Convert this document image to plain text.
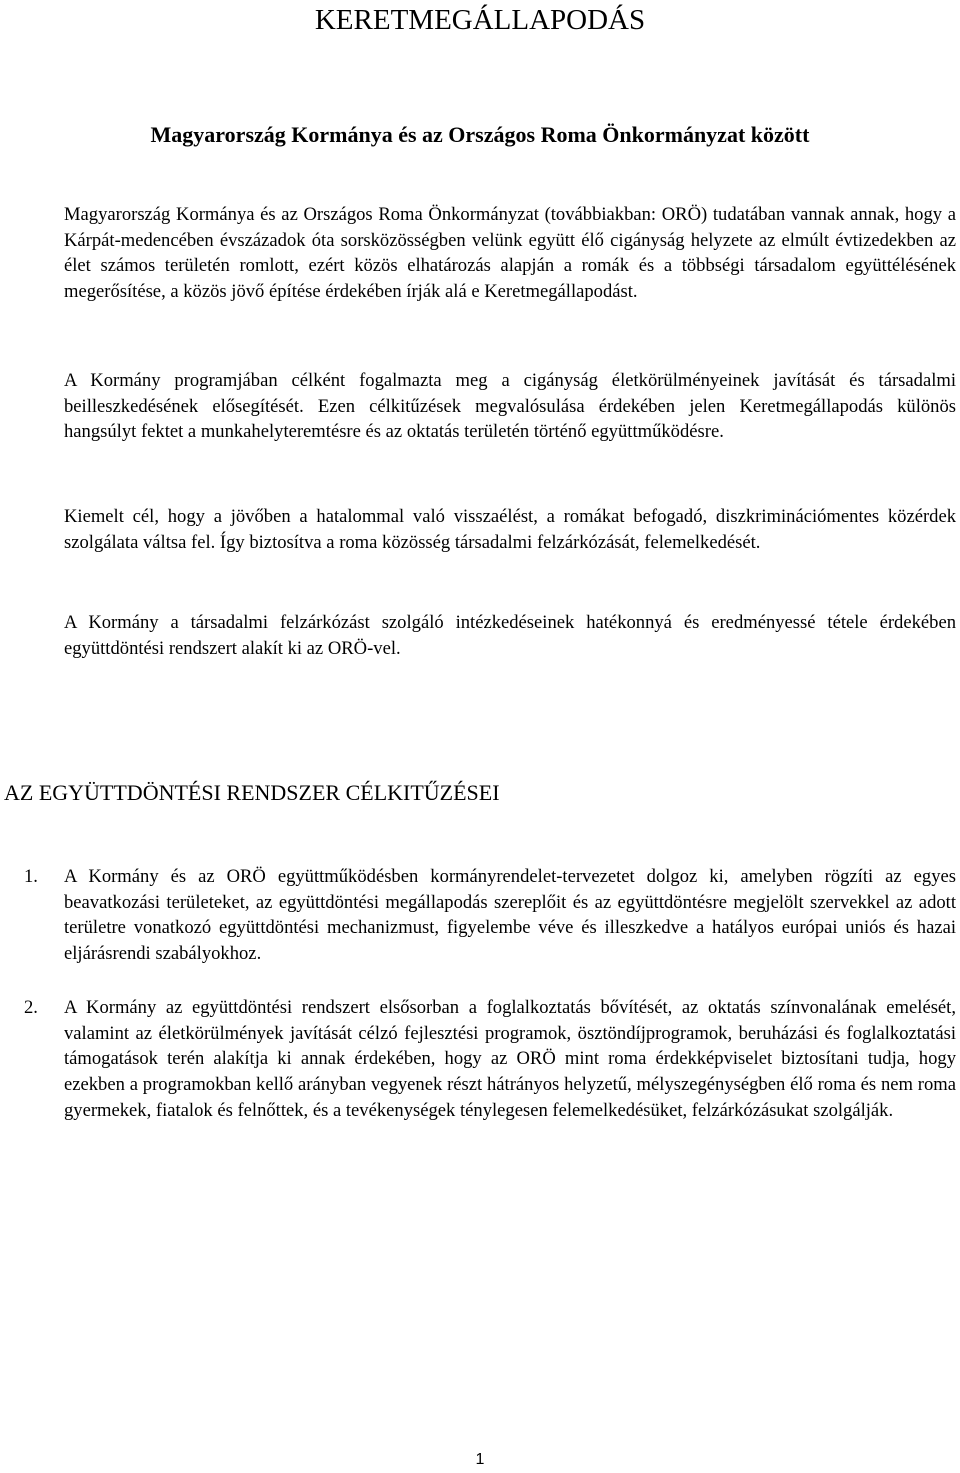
KERETMEGÁLLAPODÁS
Magyarország Kormánya és az Országos Roma Önkormányzat között

Magyarország Kormánya és az Országos Roma Önkormányzat (továbbiakban: ORÖ) tudatában vannak annak, hogy a Kárpát-medencében évszázadok óta sorsközösségben velünk együtt élő cigányság helyzete az elmúlt évtizedekben az élet számos területén romlott, ezért közös elhatározás alapján a romák és a többségi társadalom együttélésének megerősítése, a közös jövő építése érdekében írják alá e Keretmegállapodást.

A Kormány programjában célként fogalmazta meg a cigányság életkörülményeinek javítását és társadalmi beilleszkedésének elősegítését. Ezen célkitűzések megvalósulása érdekében jelen Keretmegállapodás különös hangsúlyt fektet a munkahelyteremtésre és az oktatás területén történő együttműködésre.

Kiemelt cél, hogy a jövőben a hatalommal való visszaélést, a romákat befogadó, diszkriminációmentes közérdek szolgálata váltsa fel. Így biztosítva a roma közösség társadalmi felzárkózását, felemelkedését.

A Kormány a társadalmi felzárkózást szolgáló intézkedéseinek hatékonnyá és eredményessé tétele érdekében együttdöntési rendszert alakít ki az ORÖ-vel.

AZ EGYÜTTDÖNTÉSI RENDSZER CÉLKITŰZÉSEI
1. A Kormány és az ORÖ együttműködésben kormányrendelet-tervezetet dolgoz ki, amelyben rögzíti az egyes beavatkozási területeket, az együttdöntési megállapodás szereplőit és az együttdöntésre megjelölt szervekkel az adott területre vonatkozó együttdöntési mechanizmust, figyelembe véve és illeszkedve a hatályos európai uniós és hazai eljárásrendi szabályokhoz.

2. A Kormány az együttdöntési rendszert elsősorban a foglalkoztatás bővítését, az oktatás színvonalának emelését, valamint az életkörülmények javítását célzó fejlesztési programok, ösztöndíjprogramok, beruházási és foglalkoztatási támogatások terén alakítja ki annak érdekében, hogy az ORÖ mint roma érdekképviselet biztosítani tudja, hogy ezekben a programokban kellő arányban vegyenek részt hátrányos helyzetű, mélyszegénységben élő roma és nem roma gyermekek, fiatalok és felnőttek, és a tevékenységek ténylegesen felemelkedésüket, felzárkózásukat szolgálják.

1
